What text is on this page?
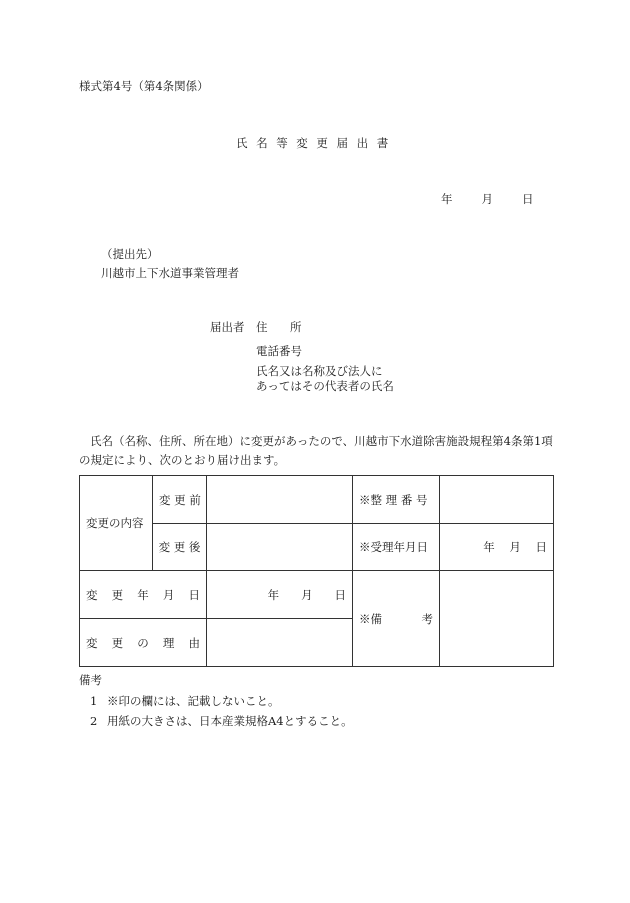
様式第4号（第4条関係）
氏名等変更届出書
年	月	日
（提出先）
川越市上下水道事業管理者
届出者 住 所
電話番号
氏名又は名称及び法人に
あってはその代表者の氏名
氏名（名称、住所、所在地）に変更があったので、川越市下水道除害施設規程第4条第1項
の規定により、次のとおり届け出ます。
変更の内容	変 更 前		※整 理 番 号	
	変 更 後		※受理年月日	年 月 日

変 更 年 月 日		年 月 日	※備 考	

変 更 の 理 由				

備考
1 ※印の欄には、記載しないこと。
2 用紙の大きさは、日本産業規格A4とすること。
